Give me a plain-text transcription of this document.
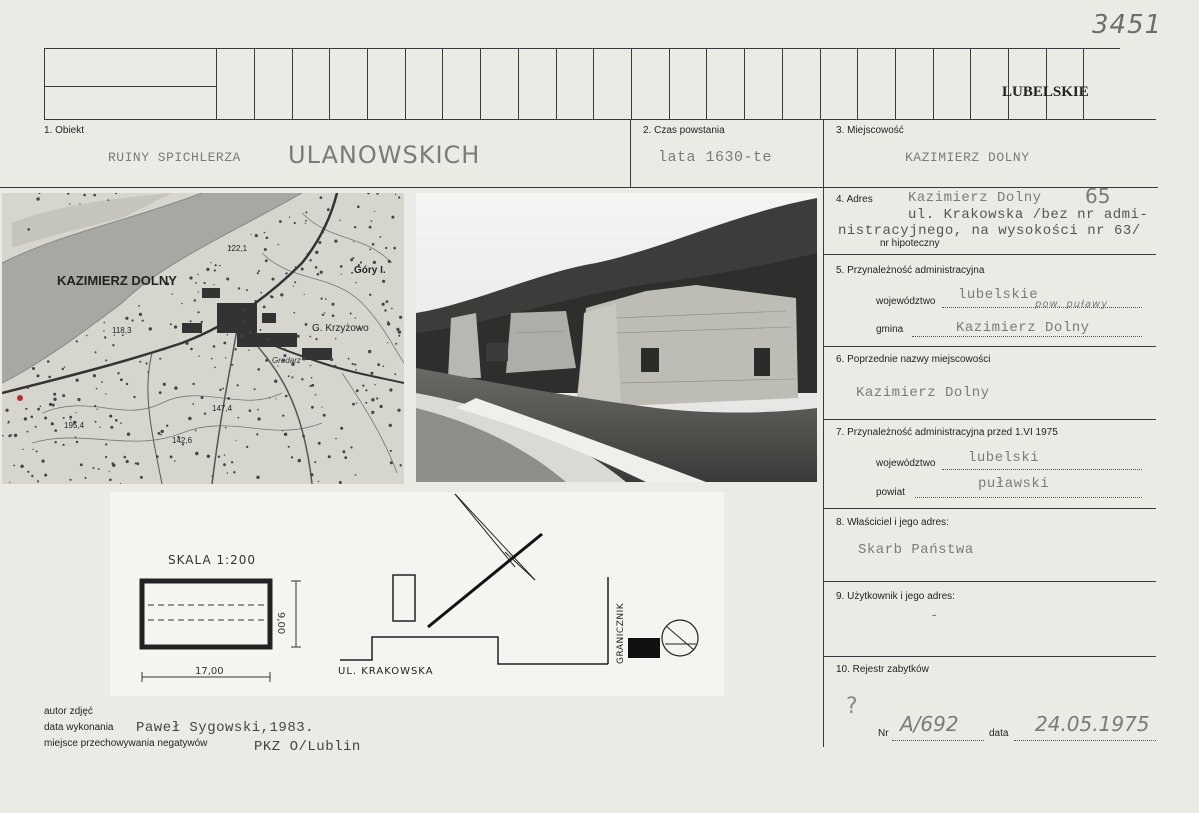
3451
LUBELSKIE
1. Obiekt	2. Czas powstania	3. Miejscowość
RUINY SPICHLERZA ULANOWSKICH	lata 1630-te	KAZIMIERZ DOLNY
KAZIMIERZ DOLNY
Góry I.
G. Krzyżowo
Grodarz
122,1
118,3
195,4
147,4
142,6
4. Adres	Kazimierz Dolny 65
ul. Krakowska /bez nr admi-
nistracyjnego, na wysokości nr 63/
nr hipoteczny
5. Przynależność administracyjna
województwo lubelskie
pow. puławy
gmina	Kazimierz Dolny
6. Poprzednie nazwy miejscowości
Kazimierz Dolny
7. Przynależność administracyjna przed 1.VI 1975
województwo lubelski
powiat
puławski
8. Właściciel i jego adres:
Skarb Państwa
9. Użytkownik i jego adres:
-
10. Rejestr zabytków
?
Nr A/692	data 24.05.1975
SKALA 1:200
9,00
17,00	UL. KRAKOWSKA
GRANICZNIK
autor zdjęć
data wykonania
miejsce przechowywania negatywów
Paweł Sygowski,1983.
PKZ O/Lublin
